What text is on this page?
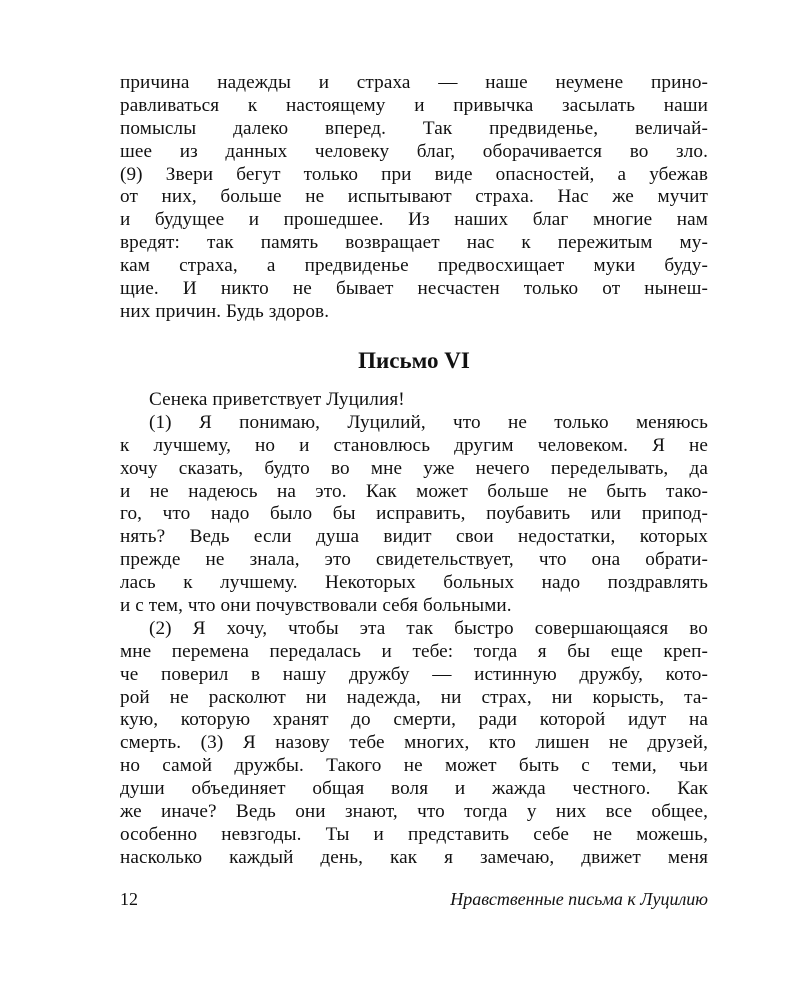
причина надежды и страха — наше неумене прино-
равливаться к настоящему и привычка засылать наши
помыслы далеко вперед. Так предвиденье, величай-
шее из данных человеку благ, оборачивается во зло.
(9) Звери бегут только при виде опасностей, а убежав
от них, больше не испытывают страха. Нас же мучит
и будущее и прошедшее. Из наших благ многие нам
вредят: так память возвращает нас к пережитым му-
кам страха, а предвиденье предвосхищает муки буду-
щие. И никто не бывает несчастен только от нынеш-
них причин. Будь здоров.
Письмо VI
Сенека приветствует Луцилия!
(1) Я понимаю, Луцилий, что не только меняюсь
к лучшему, но и становлюсь другим человеком. Я не
хочу сказать, будто во мне уже нечего переделывать, да
и не надеюсь на это. Как может больше не быть тако-
го, что надо было бы исправить, поубавить или припод-
нять? Ведь если душа видит свои недостатки, которых
прежде не знала, это свидетельствует, что она обрати-
лась к лучшему. Некоторых больных надо поздравлять
и с тем, что они почувствовали себя больными.
(2) Я хочу, чтобы эта так быстро совершающаяся во
мне перемена передалась и тебе: тогда я бы еще креп-
че поверил в нашу дружбу — истинную дружбу, кото-
рой не расколют ни надежда, ни страх, ни корысть, та-
кую, которую хранят до смерти, ради которой идут на
смерть. (3) Я назову тебе многих, кто лишен не друзей,
но самой дружбы. Такого не может быть с теми, чьи
души объединяет общая воля и жажда честного. Как
же иначе? Ведь они знают, что тогда у них все общее,
особенно невзгоды. Ты и представить себе не можешь,
насколько каждый день, как я замечаю, движет меня
12	Нравственные письма к Луцилию
